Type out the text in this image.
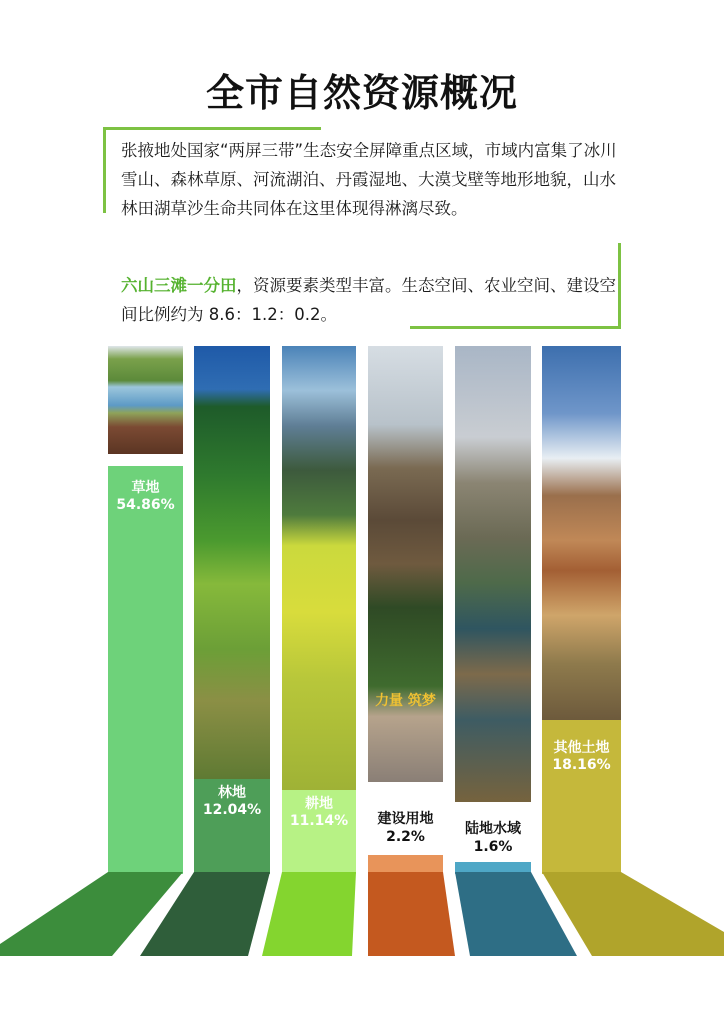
全市自然资源概况
张掖地处国家“两屏三带”生态安全屏障重点区域，市域内富集了冰川雪山、森林草原、河流湖泊、丹霞湿地、大漠戈壁等地形地貌，山水林田湖草沙生命共同体在这里体现得淋漓尽致。
六山三滩一分田，资源要素类型丰富。生态空间、农业空间、建设空间比例约为 8.6：1.2：0.2。
力量 筑梦
草地
54.86%
林地
12.04%	耕地
11.14%	建设用地
2.2%	陆地水域
1.6%
其他土地
18.16%
